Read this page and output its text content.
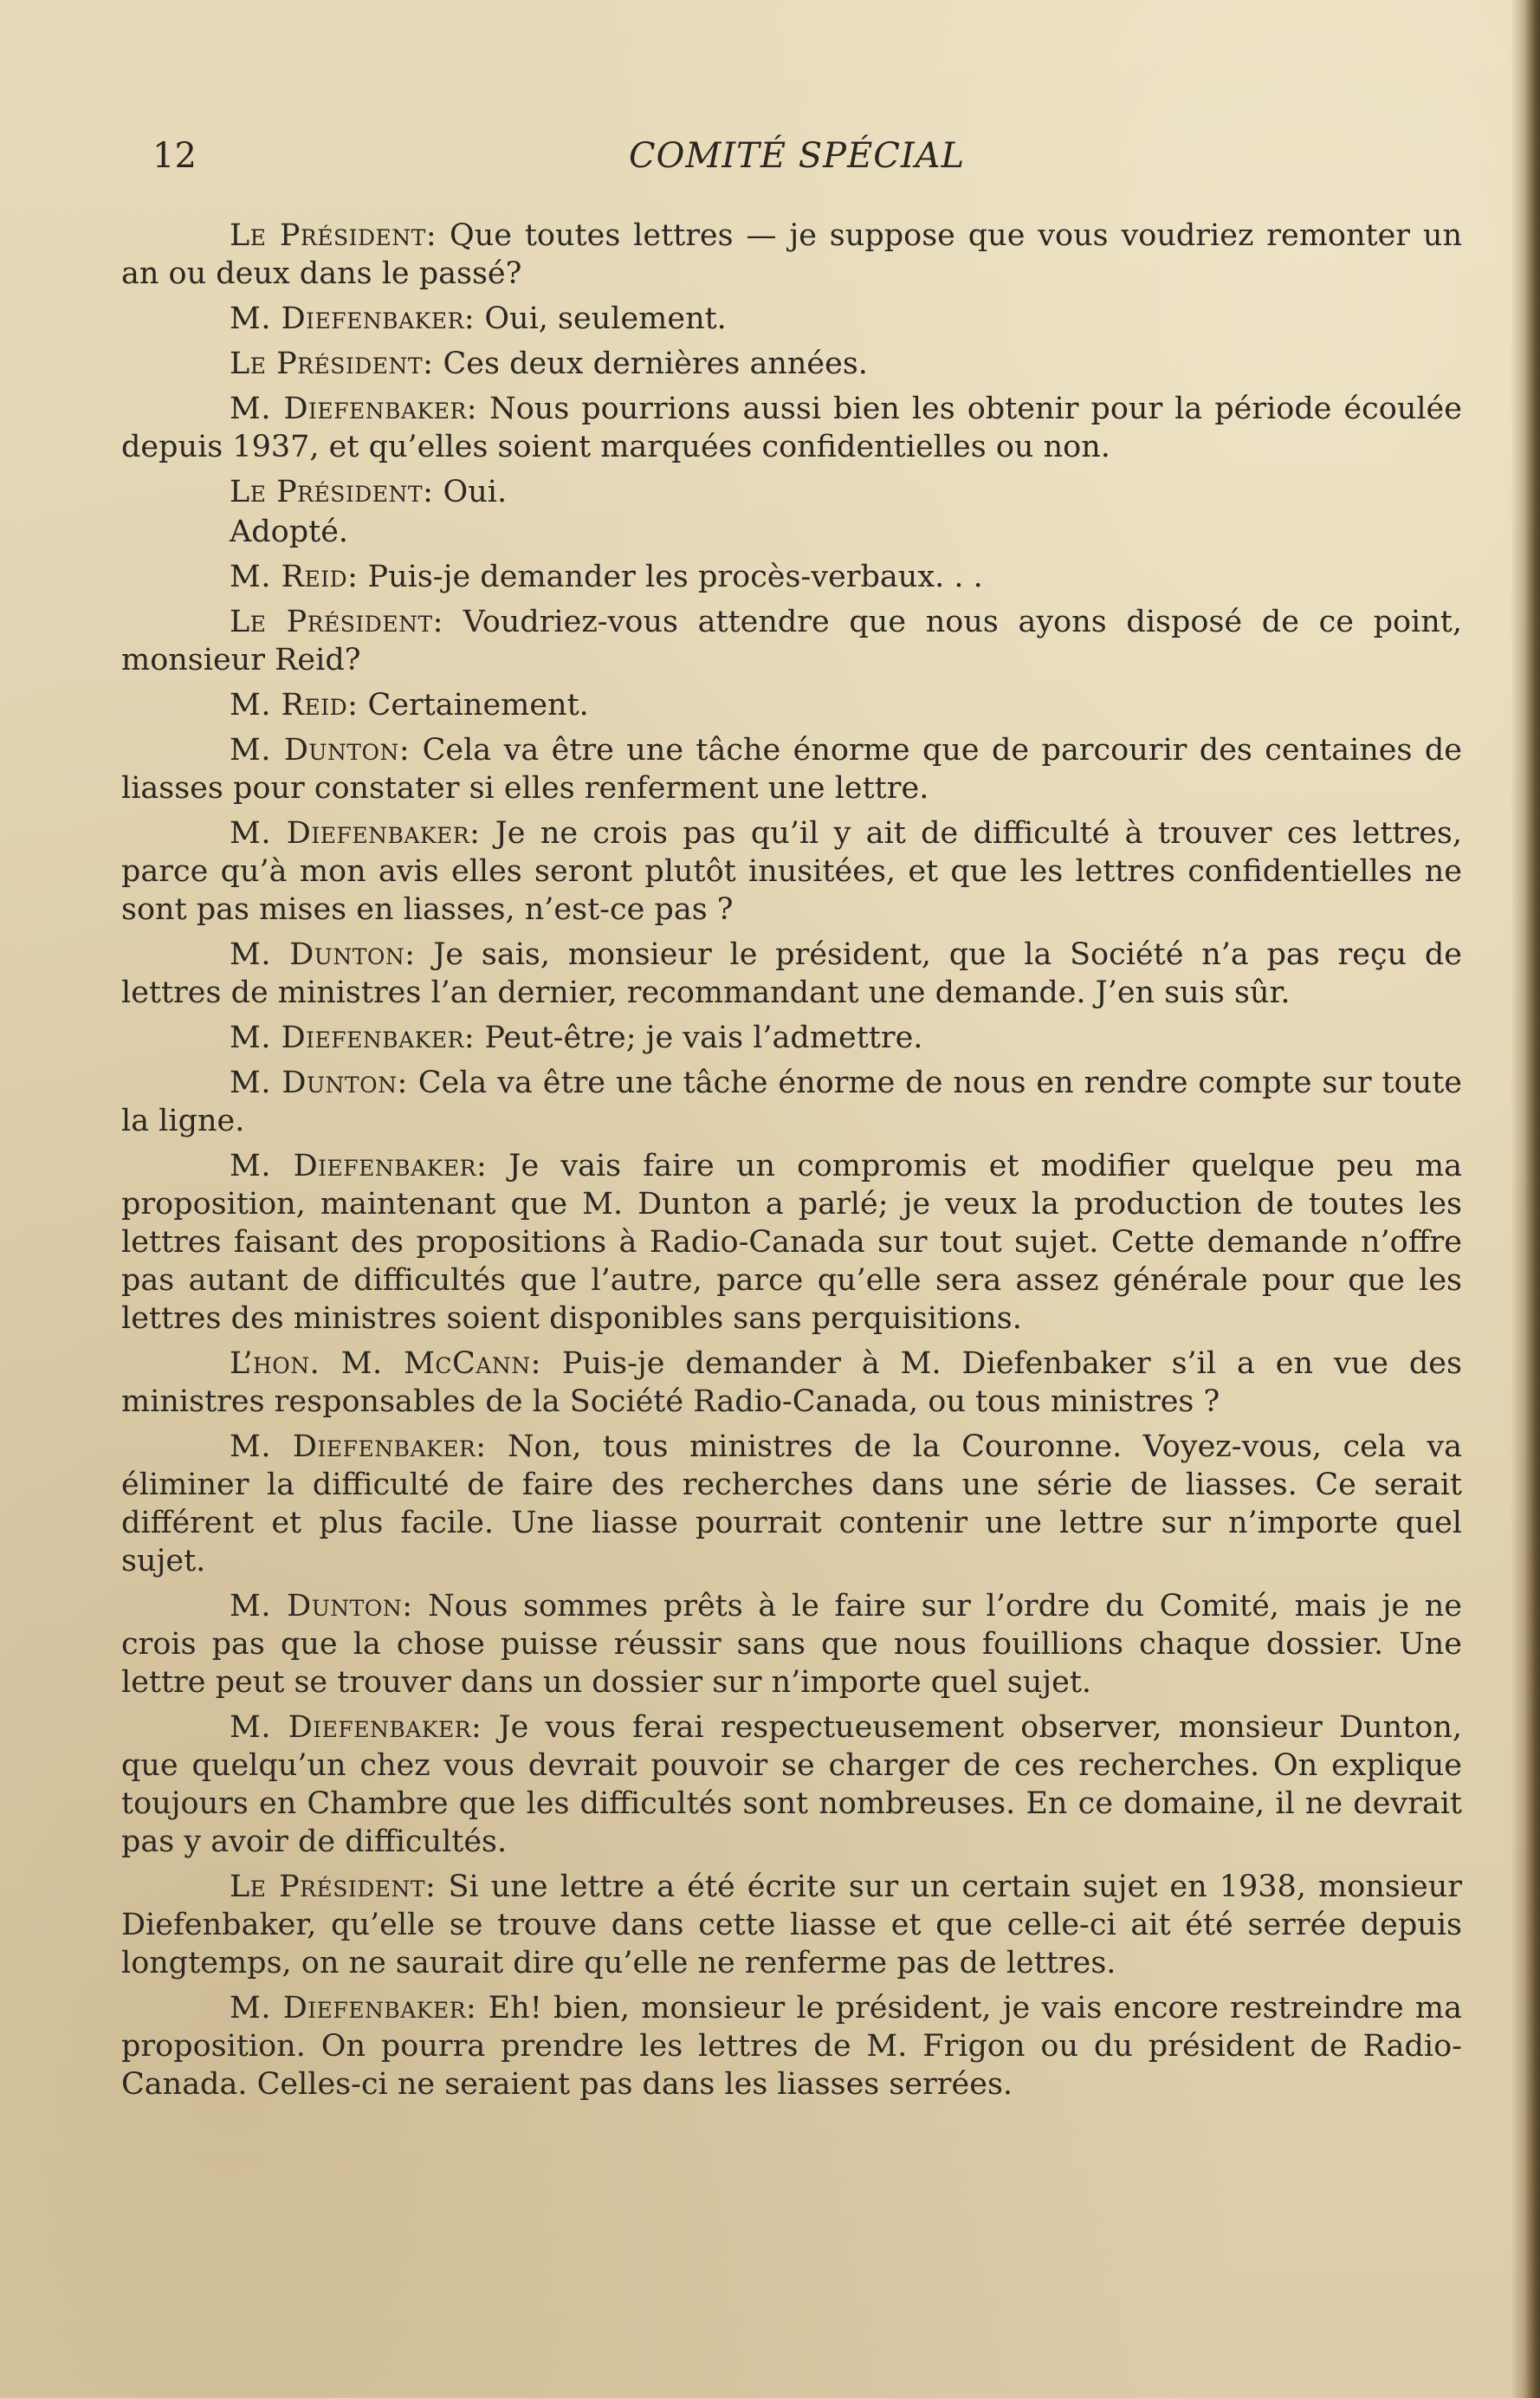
12	COMITÉ SPÉCIAL

Le Président: Que toutes lettres — je suppose que vous voudriez remonter un an ou deux dans le passé?

M. Diefenbaker: Oui, seulement.

Le Président: Ces deux dernières années.

M. Diefenbaker: Nous pourrions aussi bien les obtenir pour la période écoulée depuis 1937, et qu’elles soient marquées confidentielles ou non.

Le Président: Oui.

Adopté.

M. Reid: Puis-je demander les procès-verbaux. . .

Le Président: Voudriez-vous attendre que nous ayons disposé de ce point, monsieur Reid?

M. Reid: Certainement.

M. Dunton: Cela va être une tâche énorme que de parcourir des centaines de liasses pour constater si elles renferment une lettre.

M. Diefenbaker: Je ne crois pas qu’il y ait de difficulté à trouver ces lettres, parce qu’à mon avis elles seront plutôt inusitées, et que les lettres confidentielles ne sont pas mises en liasses, n’est-ce pas ?

M. Dunton: Je sais, monsieur le président, que la Société n’a pas reçu de lettres de ministres l’an dernier, recommandant une demande. J’en suis sûr.

M. Diefenbaker: Peut-être; je vais l’admettre.

M. Dunton: Cela va être une tâche énorme de nous en rendre compte sur toute la ligne.

M. Diefenbaker: Je vais faire un compromis et modifier quelque peu ma proposition, maintenant que M. Dunton a parlé; je veux la production de toutes les lettres faisant des propositions à Radio-Canada sur tout sujet. Cette demande n’offre pas autant de difficultés que l’autre, parce qu’elle sera assez générale pour que les lettres des ministres soient disponibles sans perquisitions.

L’hon. M. McCann: Puis-je demander à M. Diefenbaker s’il a en vue des ministres responsables de la Société Radio-Canada, ou tous ministres ?

M. Diefenbaker: Non, tous ministres de la Couronne. Voyez-vous, cela va éliminer la difficulté de faire des recherches dans une série de liasses. Ce serait différent et plus facile. Une liasse pourrait contenir une lettre sur n’importe quel sujet.

M. Dunton: Nous sommes prêts à le faire sur l’ordre du Comité, mais je ne crois pas que la chose puisse réussir sans que nous fouillions chaque dossier. Une lettre peut se trouver dans un dossier sur n’importe quel sujet.

M. Diefenbaker: Je vous ferai respectueusement observer, monsieur Dunton, que quelqu’un chez vous devrait pouvoir se charger de ces recherches. On explique toujours en Chambre que les difficultés sont nombreuses. En ce domaine, il ne devrait pas y avoir de difficultés.

Le Président: Si une lettre a été écrite sur un certain sujet en 1938, monsieur Diefenbaker, qu’elle se trouve dans cette liasse et que celle-ci ait été serrée depuis longtemps, on ne saurait dire qu’elle ne renferme pas de lettres.

M. Diefenbaker: Eh! bien, monsieur le président, je vais encore restreindre ma proposition. On pourra prendre les lettres de M. Frigon ou du président de Radio-Canada. Celles-ci ne seraient pas dans les liasses serrées.
